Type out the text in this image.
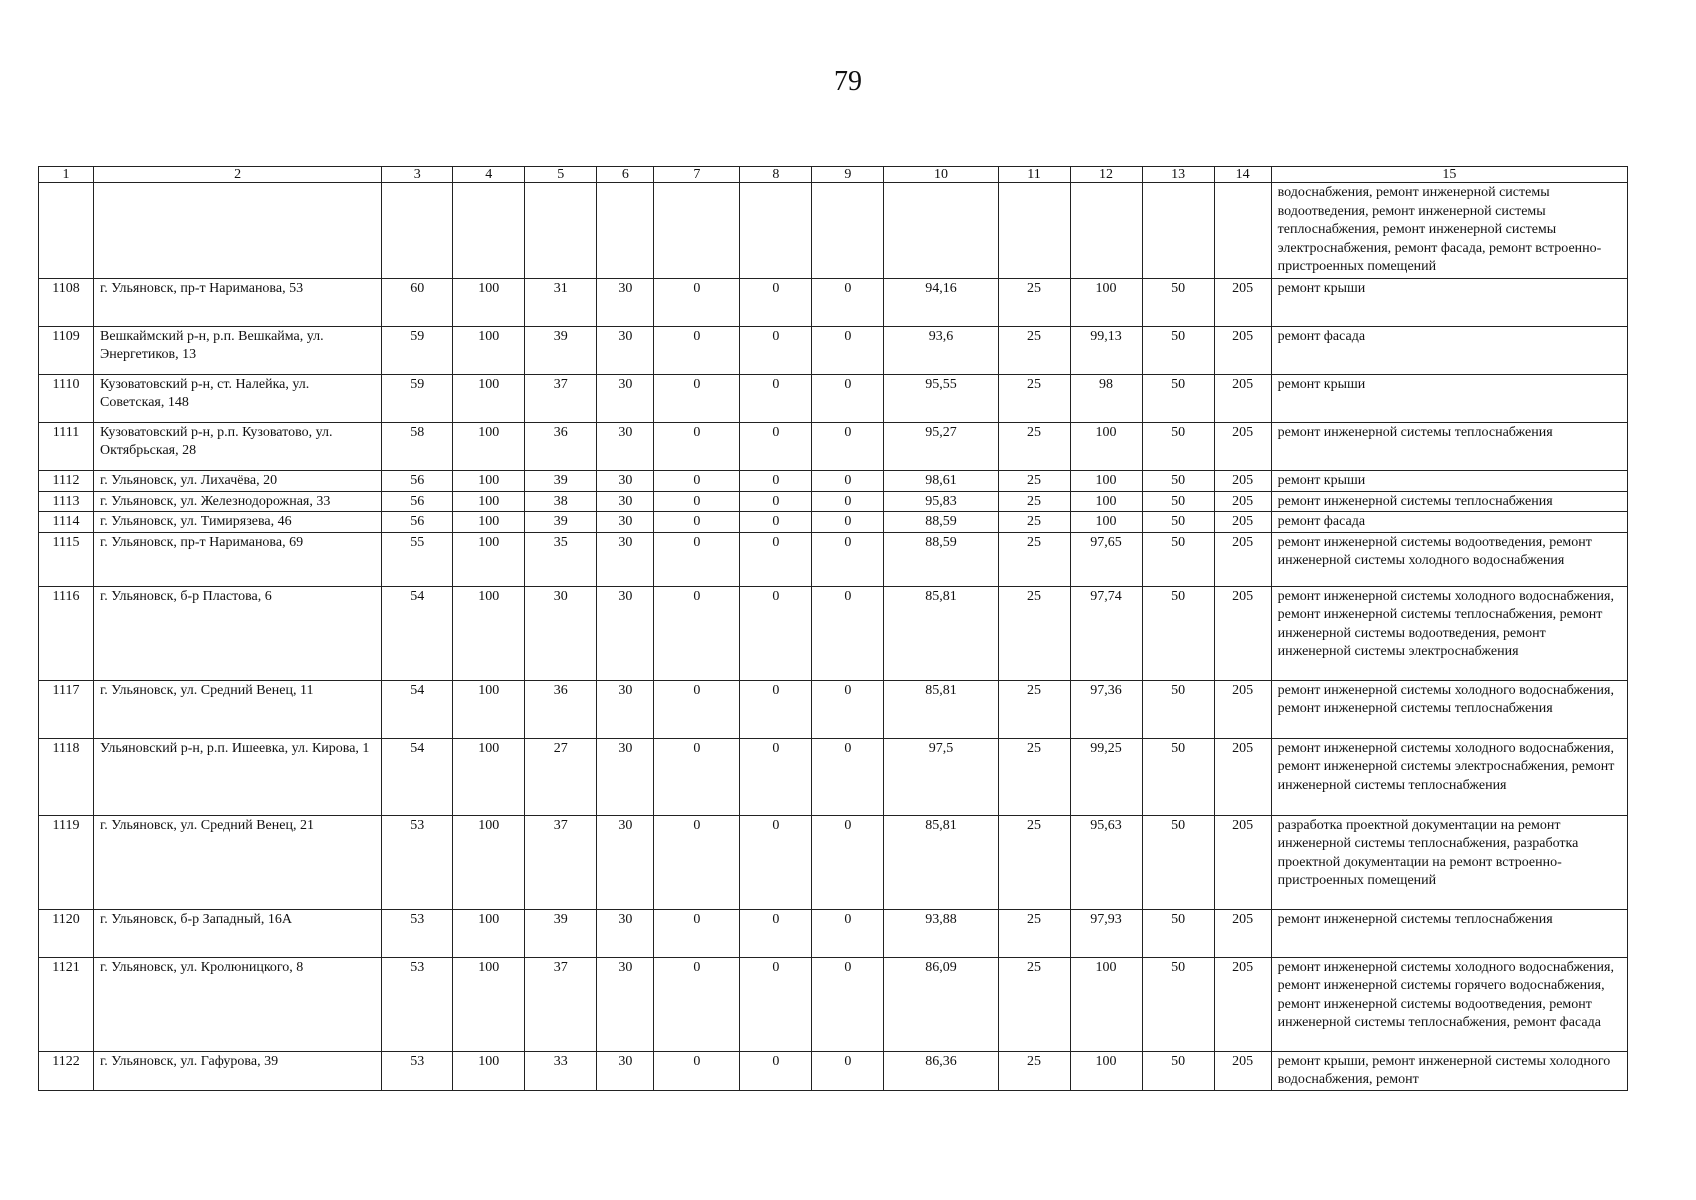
79
1	2	3	4	5	6	7	8	9	10	11	12	13	14	15
														водоснабжения, ремонт инженерной системы водоотведения, ремонт инженерной системы теплоснабжения, ремонт инженерной системы электроснабжения, ремонт фасада, ремонт встроенно-пристроенных помещений
1108	г. Ульяновск, пр-т Нариманова, 53	60	100	31	30	0	0	0	94,16	25	100	50	205	ремонт крыши
1109	Вешкаймский р-н, р.п. Вешкайма, ул. Энергетиков, 13	59	100	39	30	0	0	0	93,6	25	99,13	50	205	ремонт фасада
1110	Кузоватовский р-н, ст. Налейка, ул. Советская, 148	59	100	37	30	0	0	0	95,55	25	98	50	205	ремонт крыши
1111	Кузоватовский р-н, р.п. Кузоватово, ул. Октябрьская, 28	58	100	36	30	0	0	0	95,27	25	100	50	205	ремонт инженерной системы теплоснабжения
1112	г. Ульяновск, ул. Лихачёва, 20	56	100	39	30	0	0	0	98,61	25	100	50	205	ремонт крыши
1113	г. Ульяновск, ул. Железнодорожная, 33	56	100	38	30	0	0	0	95,83	25	100	50	205	ремонт инженерной системы теплоснабжения
1114	г. Ульяновск, ул. Тимирязева, 46	56	100	39	30	0	0	0	88,59	25	100	50	205	ремонт фасада
1115	г. Ульяновск, пр-т Нариманова, 69	55	100	35	30	0	0	0	88,59	25	97,65	50	205	ремонт инженерной системы водоотведения, ремонт инженерной системы холодного водоснабжения
1116	г. Ульяновск, б-р Пластова, 6	54	100	30	30	0	0	0	85,81	25	97,74	50	205	ремонт инженерной системы холодного водоснабжения, ремонт инженерной системы теплоснабжения, ремонт инженерной системы водоотведения, ремонт инженерной системы электроснабжения
1117	г. Ульяновск, ул. Средний Венец, 11	54	100	36	30	0	0	0	85,81	25	97,36	50	205	ремонт инженерной системы холодного водоснабжения, ремонт инженерной системы теплоснабжения
1118	Ульяновский р-н, р.п. Ишеевка, ул. Кирова, 1	54	100	27	30	0	0	0	97,5	25	99,25	50	205	ремонт инженерной системы холодного водоснабжения, ремонт инженерной системы электроснабжения, ремонт инженерной системы теплоснабжения
1119	г. Ульяновск, ул. Средний Венец, 21	53	100	37	30	0	0	0	85,81	25	95,63	50	205	разработка проектной документации на ремонт инженерной системы теплоснабжения, разработка проектной документации на ремонт встроенно-пристроенных помещений
1120	г. Ульяновск, б-р Западный, 16А	53	100	39	30	0	0	0	93,88	25	97,93	50	205	ремонт инженерной системы теплоснабжения
1121	г. Ульяновск, ул. Кролюницкого, 8	53	100	37	30	0	0	0	86,09	25	100	50	205	ремонт инженерной системы холодного водоснабжения, ремонт инженерной системы горячего водоснабжения, ремонт инженерной системы водоотведения, ремонт инженерной системы теплоснабжения, ремонт фасада
1122	г. Ульяновск, ул. Гафурова, 39	53	100	33	30	0	0	0	86,36	25	100	50	205	ремонт крыши, ремонт инженерной системы холодного водоснабжения, ремонт
